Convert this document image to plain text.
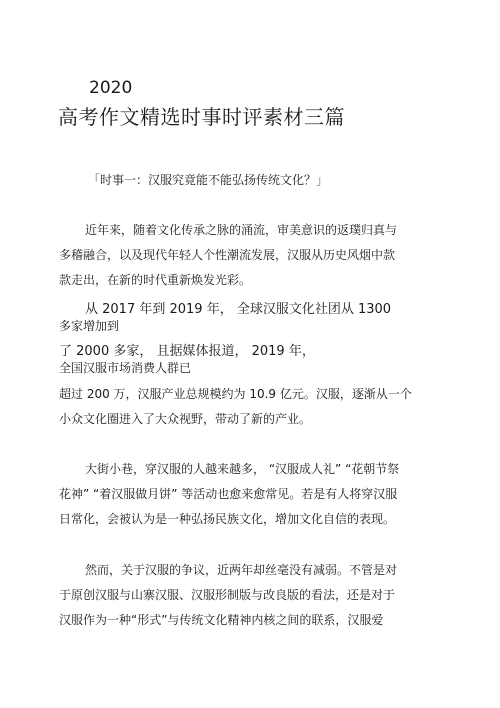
2020
高考作文精选时事时评素材三篇
「时事一：汉服究竟能不能弘扬传统文化？」
近年来，随着文化传承之脉的涌流，审美意识的返璞归真与
多稽融合，以及现代年轻人个性潮流发展，汉服从历史风烟中款
款走出，在新的时代重新焕发光彩。
从 2017 年到 2019 年， 全球汉服文化社团从 1300
多家增加到
了 2000 多家， 且据媒体报道， 2019 年，
全国汉服市场消费人群已
超过 200 万，汉服产业总规模约为 10.9 亿元。汉服，逐渐从一个
小众文化圈进入了大众视野，带动了新的产业。
大街小巷，穿汉服的人越来越多， “汉服成人礼” “花朝节祭
花神” “着汉服做月饼” 等活动也愈来愈常见。若是有人将穿汉服
日常化，会被认为是一种弘扬民族文化，增加文化自信的表现。
然而，关于汉服的争议，近两年却丝毫没有减弱。不管是对
于原创汉服与山寨汉服、汉服形制版与改良版的看法，还是对于
汉服作为一种“形式”与传统文化精神内核之间的联系，汉服爱
